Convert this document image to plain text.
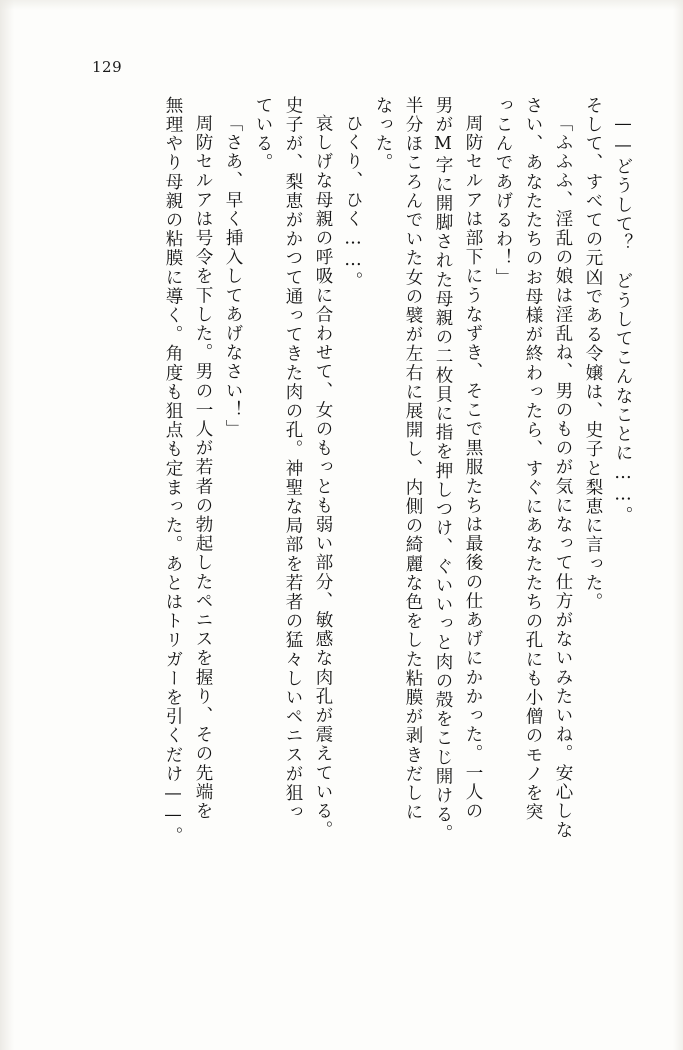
129
——どうして？　どうしてこんなことに……。
そして、すべての元凶である令嬢は、史子と梨恵に言った。
「ふふふ、淫乱の娘は淫乱ね、男のものが気になって仕方がないみたいね。安心しな
さい、あなたたちのお母様が終わったら、すぐにあなたたちの孔にも小僧のモノを突
っこんであげるわ！」
周防セルアは部下にうなずき、そこで黒服たちは最後の仕あげにかかった。一人の
男がM字に開脚された母親の二枚貝に指を押しつけ、ぐいいっと肉の殻をこじ開ける。
半分ほころんでいた女の襞が左右に展開し、内側の綺麗な色をした粘膜が剥きだしに
なった。
ひくり、ひく……。
哀しげな母親の呼吸に合わせて、女のもっとも弱い部分、敏感な肉孔が震えている。
史子が、梨恵がかつて通ってきた肉の孔。神聖な局部を若者の猛々しいペニスが狙っ
ている。
「さあ、早く挿入してあげなさい！」
周防セルアは号令を下した。男の一人が若者の勃起したペニスを握り、その先端を
無理やり母親の粘膜に導く。角度も狙点も定まった。あとはトリガーを引くだけ——。
